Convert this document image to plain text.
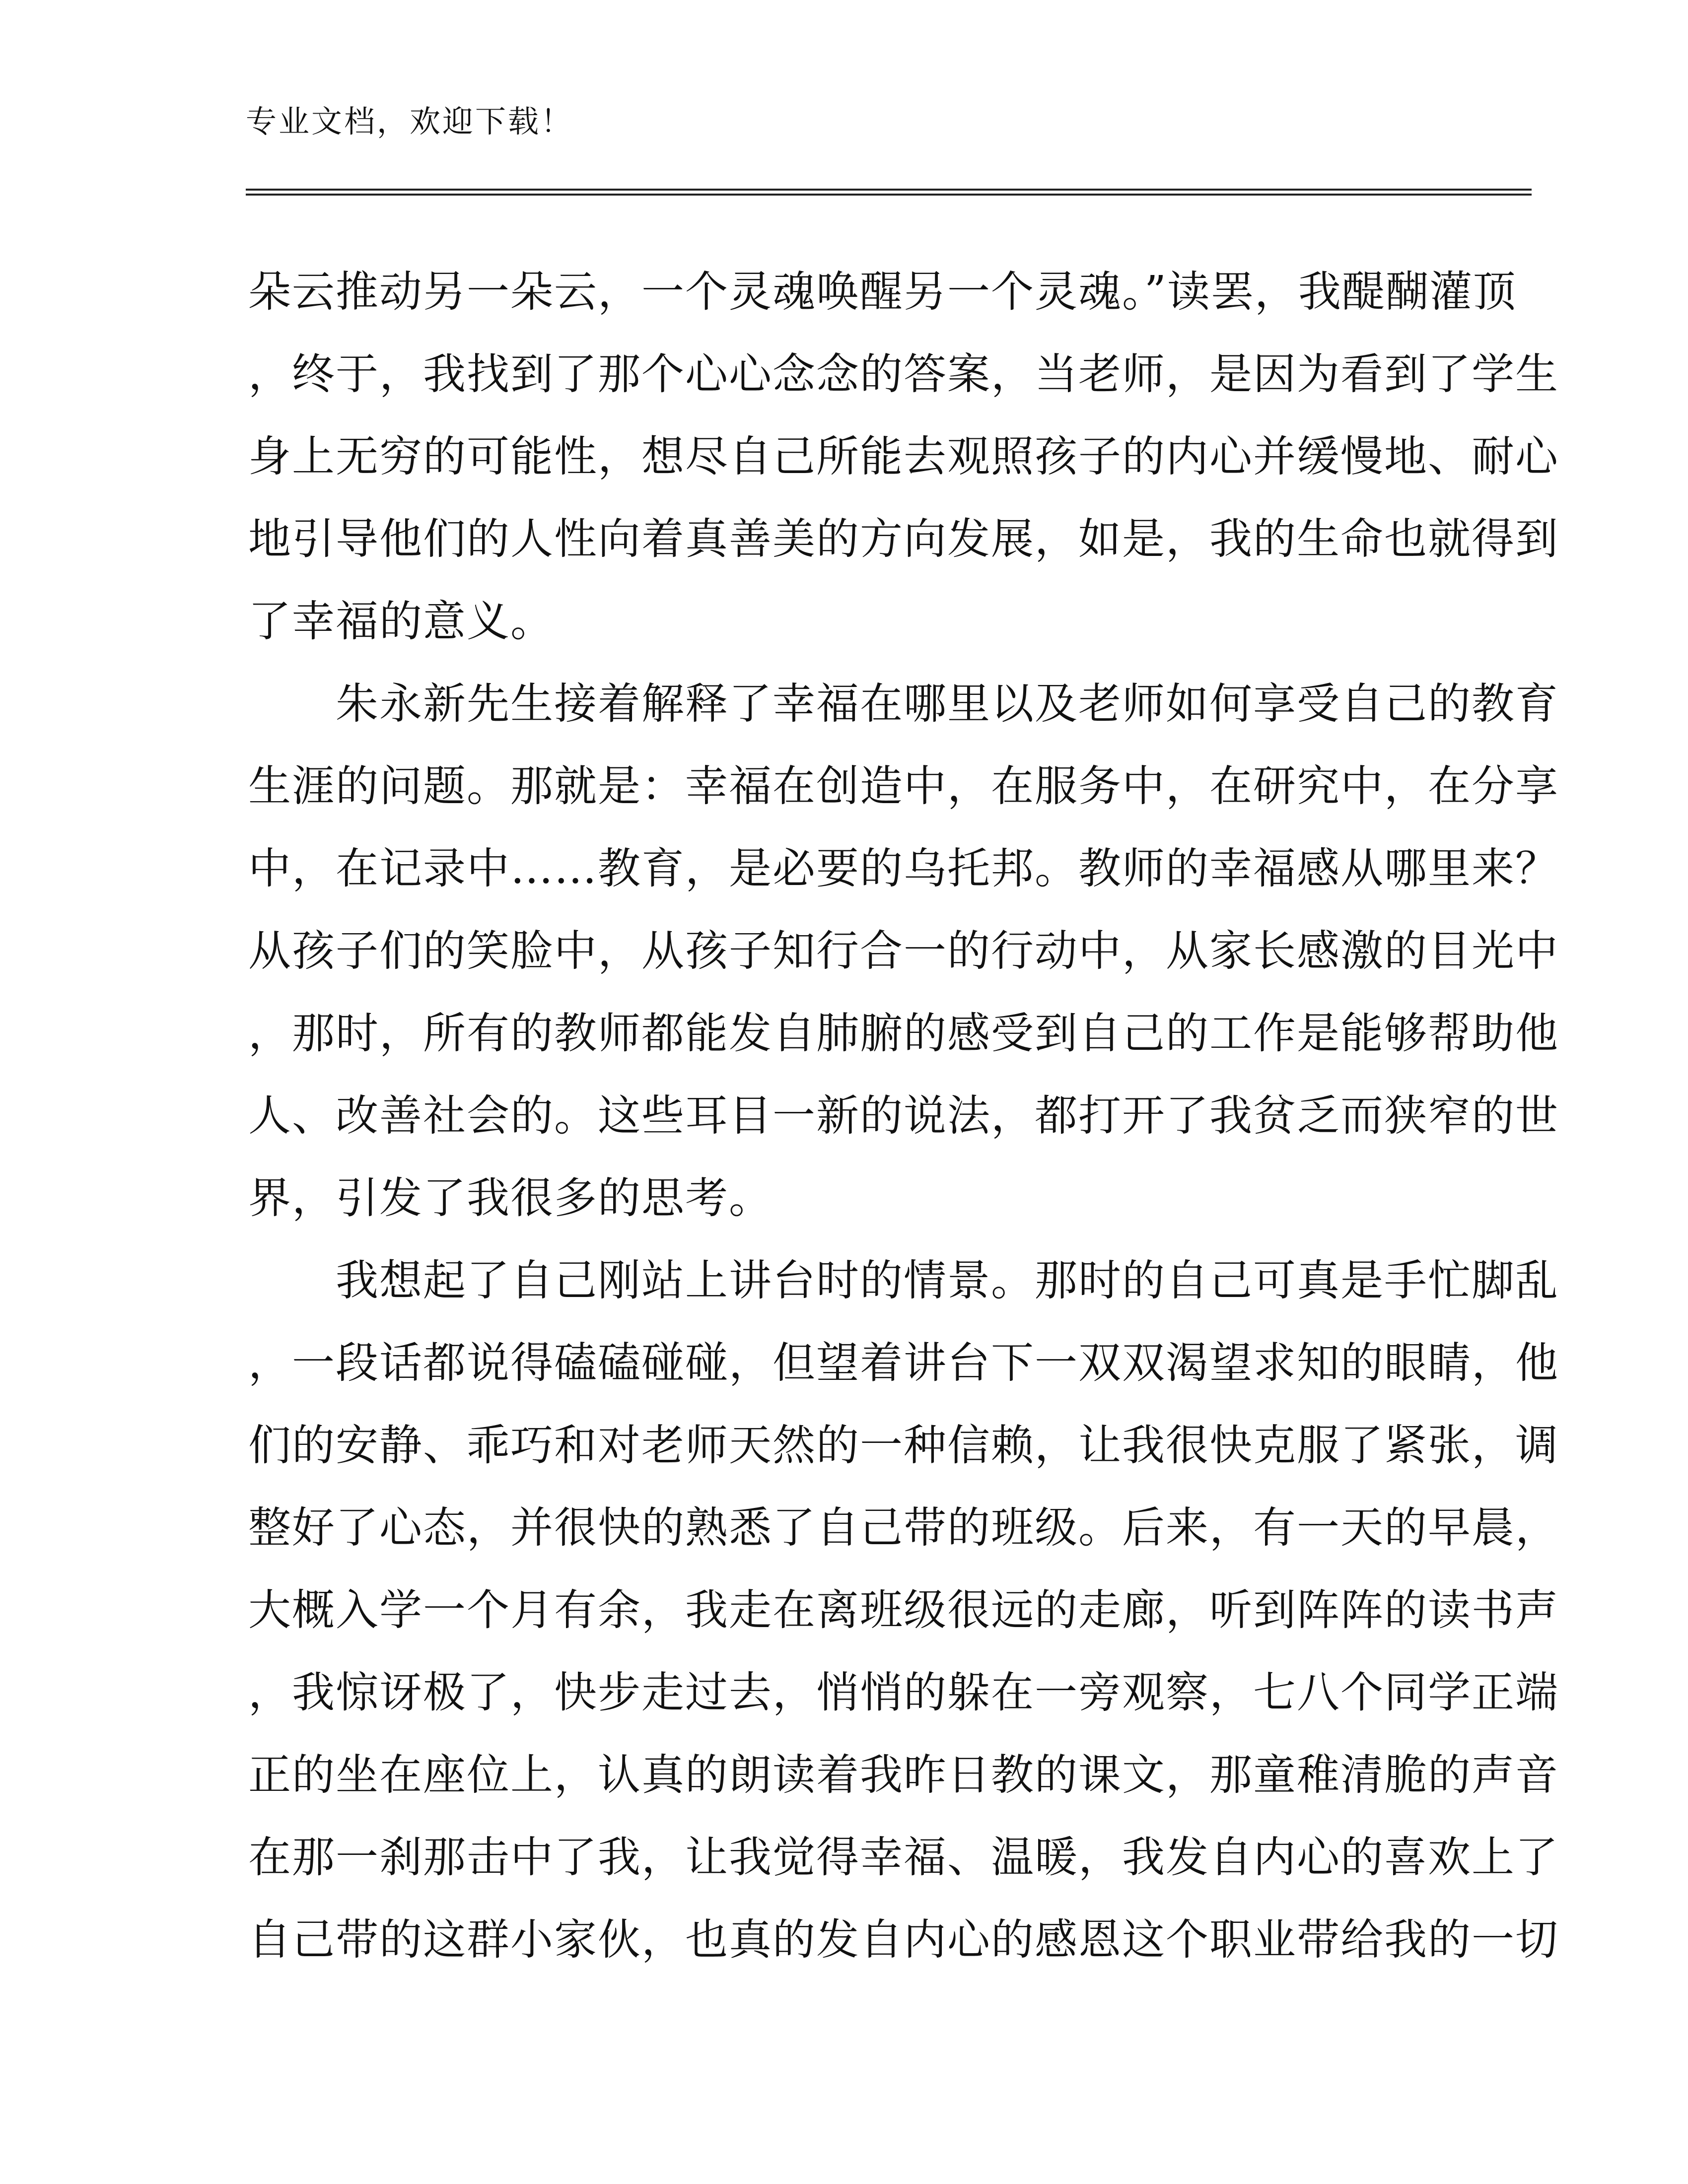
专业文档，欢迎下载！
朵云推动另一朵云，一个灵魂唤醒另一个灵魂。”读罢，我醍醐灌顶
，终于，我找到了那个心心念念的答案，当老师，是因为看到了学生
身上无穷的可能性，想尽自己所能去观照孩子的内心并缓慢地、耐心
地引导他们的人性向着真善美的方向发展，如是，我的生命也就得到
了幸福的意义。
　　朱永新先生接着解释了幸福在哪里以及老师如何享受自己的教育
生涯的问题。那就是：幸福在创造中，在服务中，在研究中，在分享
中，在记录中……教育，是必要的乌托邦。教师的幸福感从哪里来？
从孩子们的笑脸中，从孩子知行合一的行动中，从家长感激的目光中
，那时，所有的教师都能发自肺腑的感受到自己的工作是能够帮助他
人、改善社会的。这些耳目一新的说法，都打开了我贫乏而狭窄的世
界，引发了我很多的思考。
　　我想起了自己刚站上讲台时的情景。那时的自己可真是手忙脚乱
，一段话都说得磕磕碰碰，但望着讲台下一双双渴望求知的眼睛，他
们的安静、乖巧和对老师天然的一种信赖，让我很快克服了紧张，调
整好了心态，并很快的熟悉了自己带的班级。后来，有一天的早晨，
大概入学一个月有余，我走在离班级很远的走廊，听到阵阵的读书声
，我惊讶极了，快步走过去，悄悄的躲在一旁观察，七八个同学正端
正的坐在座位上，认真的朗读着我昨日教的课文，那童稚清脆的声音
在那一刹那击中了我，让我觉得幸福、温暖，我发自内心的喜欢上了
自己带的这群小家伙，也真的发自内心的感恩这个职业带给我的一切
